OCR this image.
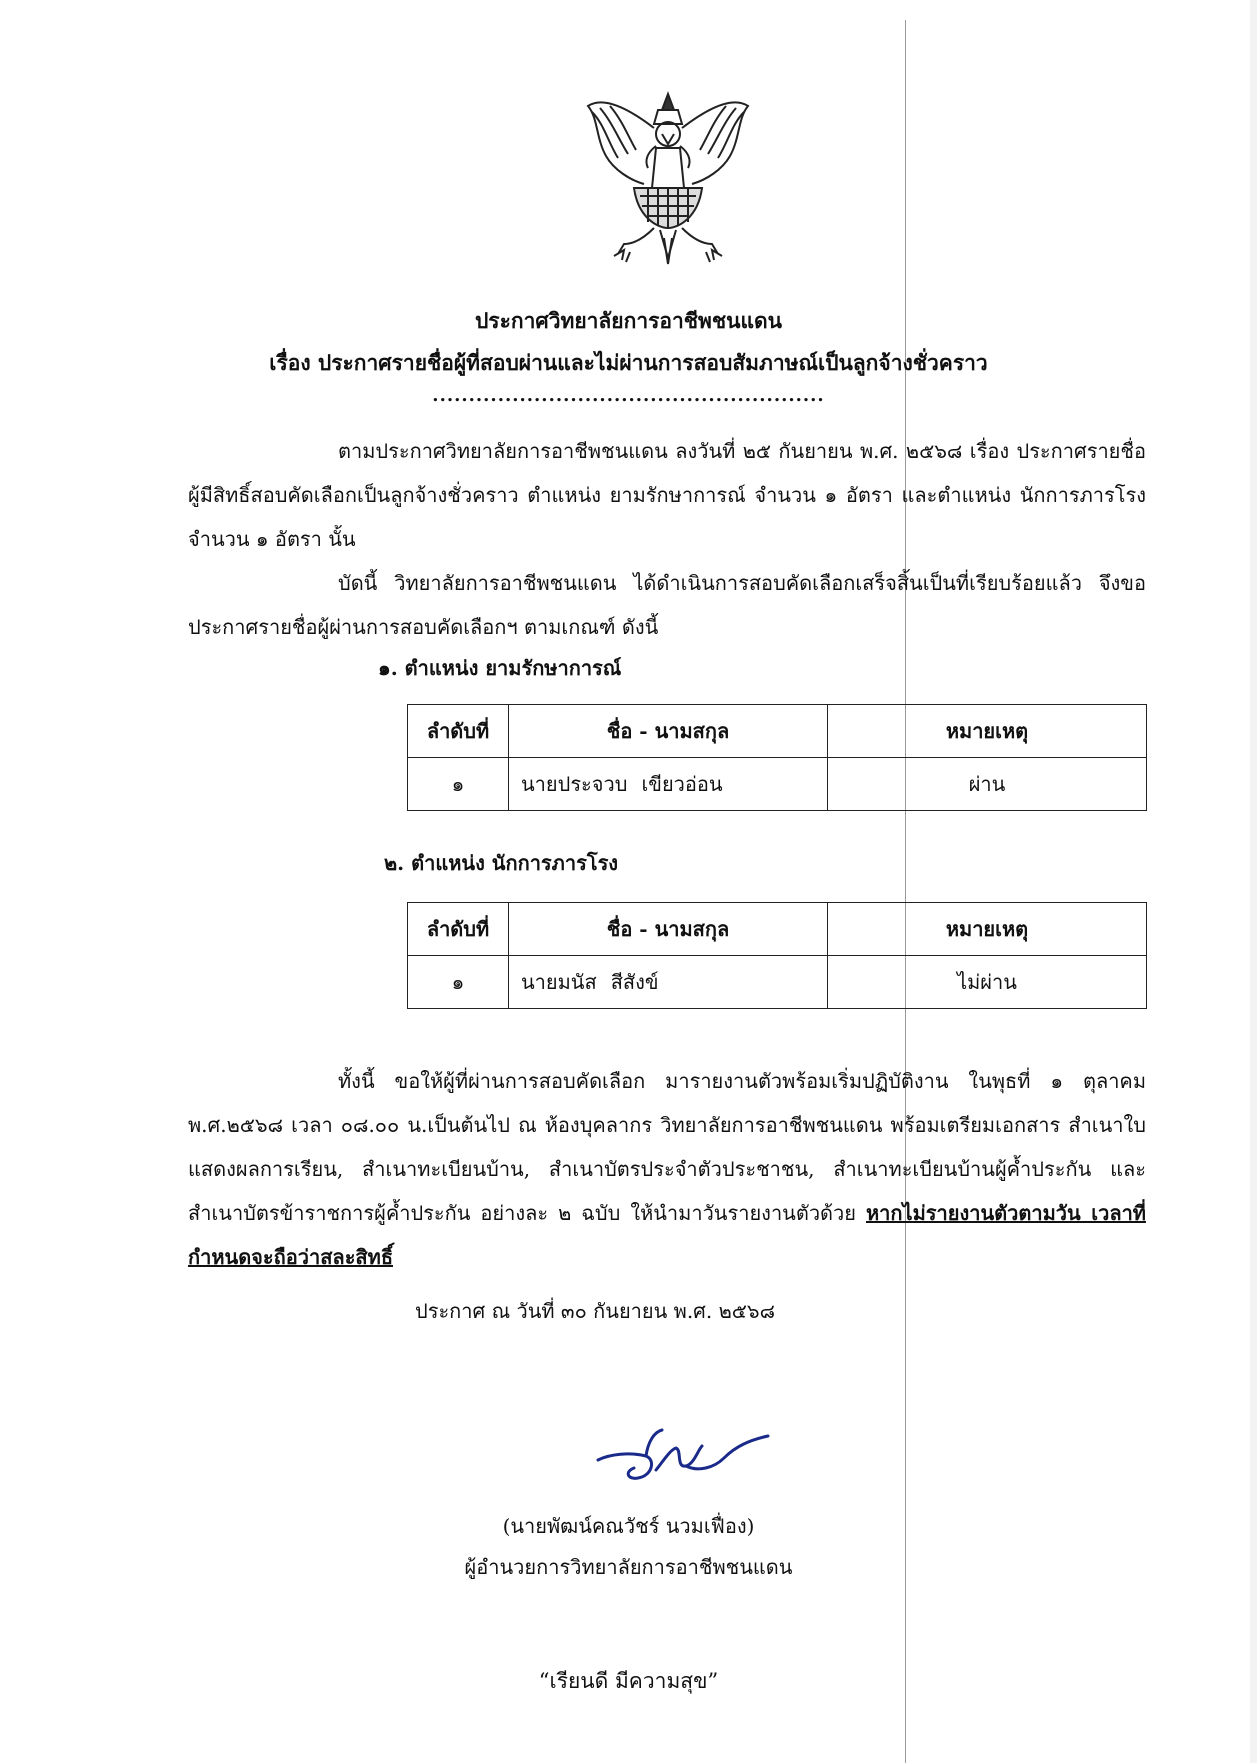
ประกาศวิทยาลัยการอาชีพชนแดน
เรื่อง ประกาศรายชื่อผู้ที่สอบผ่านและไม่ผ่านการสอบสัมภาษณ์เป็นลูกจ้างชั่วคราว
......................................................
ตามประกาศวิทยาลัยการอาชีพชนแดน ลงวันที่ ๒๕ กันยายน พ.ศ. ๒๕๖๘ เรื่อง ประกาศรายชื่อผู้มีสิทธิ์สอบคัดเลือกเป็นลูกจ้างชั่วคราว ตำแหน่ง ยามรักษาการณ์ จำนวน ๑ อัตรา และตำแหน่ง นักการภารโรง จำนวน ๑ อัตรา นั้น
บัดนี้ วิทยาลัยการอาชีพชนแดน ได้ดำเนินการสอบคัดเลือกเสร็จสิ้นเป็นที่เรียบร้อยแล้ว จึงขอประกาศรายชื่อผู้ผ่านการสอบคัดเลือกฯ ตามเกณฑ์ ดังนี้
๑. ตำแหน่ง ยามรักษาการณ์
ลำดับที่	ชื่อ - นามสกุล	หมายเหตุ
๑	นายประจวบ เขียวอ่อน	ผ่าน
๒. ตำแหน่ง นักการภารโรง
ลำดับที่	ชื่อ - นามสกุล	หมายเหตุ
๑	นายมนัส สีสังข์	ไม่ผ่าน
ทั้งนี้ ขอให้ผู้ที่ผ่านการสอบคัดเลือก มารายงานตัวพร้อมเริ่มปฏิบัติงาน ในพุธที่ ๑ ตุลาคม พ.ศ.๒๕๖๘ เวลา ๐๘.๐๐ น.เป็นต้นไป ณ ห้องบุคลากร วิทยาลัยการอาชีพชนแดน พร้อมเตรียมเอกสาร สำเนาใบแสดงผลการเรียน, สำเนาทะเบียนบ้าน, สำเนาบัตรประจำตัวประชาชน, สำเนาทะเบียนบ้านผู้ค้ำประกัน และสำเนาบัตรข้าราชการผู้ค้ำประกัน อย่างละ ๒ ฉบับ ให้นำมาวันรายงานตัวด้วย หากไม่รายงานตัวตามวัน เวลาที่กำหนดจะถือว่าสละสิทธิ์
ประกาศ ณ วันที่ ๓๐ กันยายน พ.ศ. ๒๕๖๘
(นายพัฒน์คณวัชร์ นวมเฟื่อง)
ผู้อำนวยการวิทยาลัยการอาชีพชนแดน
“เรียนดี มีความสุข”
